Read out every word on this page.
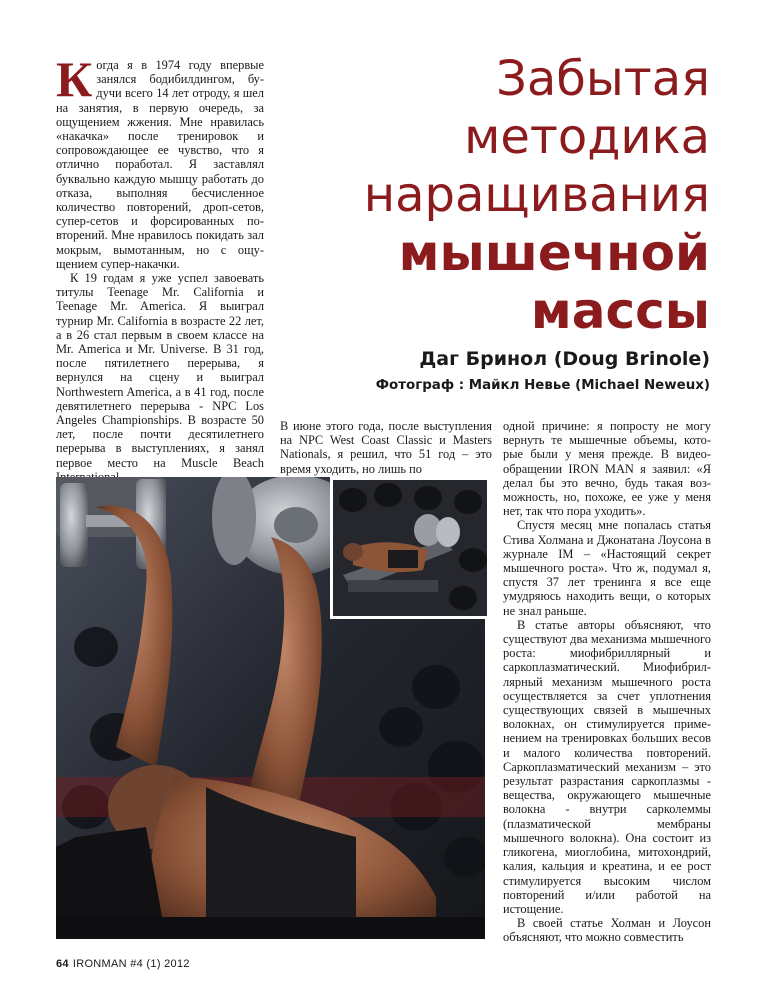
Когда я в 1974 году впервые занялся бодибилдингом, будучи всего 14 лет отроду, я шел на занятия, в первую очередь, за ощущением жжения. Мне нравилась «накачка» после тренировок и сопровождающее ее чувство, что я отлично поработал. Я заставлял буквально каждую мышцу работать до отказа, выполняя бесчисленное количество повторений, дроп-сетов, супер-сетов и форсированных повторений. Мне нравилось покидать зал мокрым, вымотанным, но с ощущением супер-накачки.

К 19 годам я уже успел завоевать титулы Teenage Mr. California и Teenage Mr. America. Я выиграл турнир Mr. California в возрасте 22 лет, а в 26 стал первым в своем классе на Mr. America и Mr. Universe. В 31 год, после пятилетнего перерыва, я вернулся на сцену и выиграл Northwestern America, а в 41 год, после девятилетнего перерыва - NPC Los Angeles Championships. В возрасте 50 лет, после почти десятилетнего перерыва в выступлениях, я занял первое место на Muscle Beach

Забытая
методика
наращивания
мышечной
массы
Даг Бринол (Doug Brinole)
Фотограф : Майкл Невье (Michael Neweux)

В июне этого года, после выступления на NPC West Coast Classic и Masters Nationals, я решил, что 51 год – это время уходить, но лишь по

одной причине: я попросту не могу вернуть те мышечные объемы, которые были у меня прежде. В видеообращении IRON MAN я заявил: «Я делал бы это вечно, будь такая возможность, но, похоже, ее уже у меня нет, так что пора уходить».

Спустя месяц мне попалась статья Стива Холмана и Джонатана Лоусона в журнале IM – «Настоящий секрет мышечного роста». Что ж, подумал я, спустя 37 лет тренинга я все еще умудряюсь находить вещи, о которых не знал раньше.

В статье авторы объясняют, что существуют два механизма мышечного роста: миофибриллярный и саркоплазматический. Миофибриллярный механизм мышечного роста осуществляется за счет уплотнения существующих связей в мышечных волокнах, он стимулируется применением на тренировках больших весов и малого количества повторений. Саркоплазматический механизм – это результат разрастания саркоплазмы - вещества, окружающего мышечные волокна - внутри сарколеммы (плазматической мембраны мышечного волокна). Она состоит из гликогена, миоглобина, митохондрий, калия, кальция и креатина, и ее рост стимулируется высоким числом повторений и/или работой на истощение.

В своей статье Холман и Лоусон объясняют, что можно совместить

64 IRONMAN #4 (1) 2012
